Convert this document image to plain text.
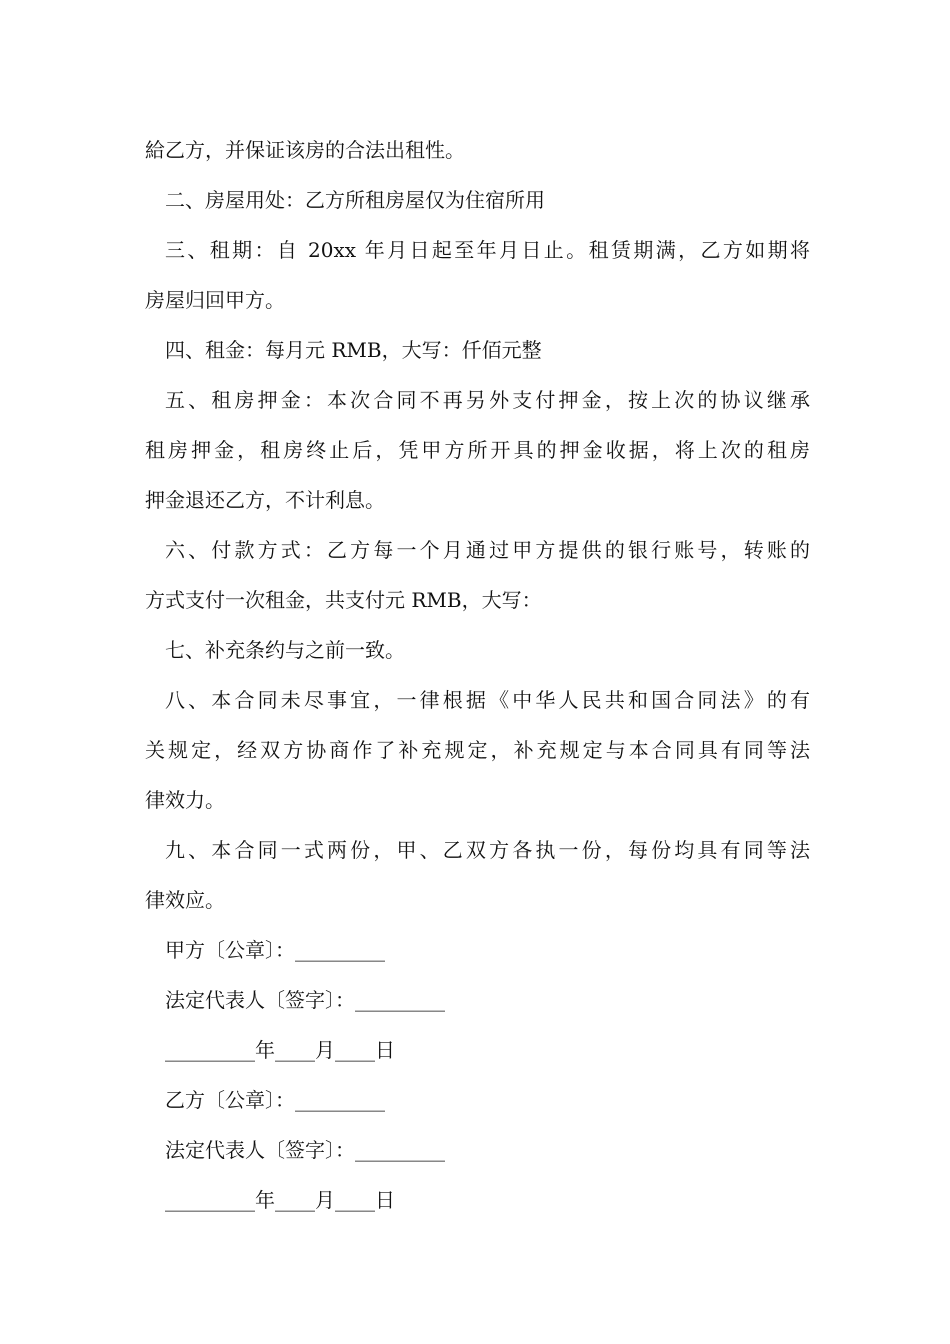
給乙方，并保证该房的合法出租性。
二、房屋用处：乙方所租房屋仅为住宿所用
三、租期：自 20xx 年月日起至年月日止。租赁期满，乙方如期将
房屋归回甲方。
四、租金：每月元 RMB，大写：仟佰元整
五、租房押金：本次合同不再另外支付押金，按上次的协议继承
租房押金，租房终止后，凭甲方所开具的押金收据，将上次的租房
押金退还乙方，不计利息。
六、付款方式：乙方每一个月通过甲方提供的银行账号，转账的
方式支付一次租金，共支付元 RMB，大写：
七、补充条约与之前一致。
八、本合同未尽事宜，一律根据《中华人民共和国合同法》的有
关规定，经双方协商作了补充规定，补充规定与本合同具有同等法
律效力。
九、本合同一式两份，甲、乙双方各执一份，每份均具有同等法
律效应。
甲方〔公章〕：_________
法定代表人〔签字〕：_________
_________年____月____日
乙方〔公章〕：_________
法定代表人〔签字〕：_________
_________年____月____日
